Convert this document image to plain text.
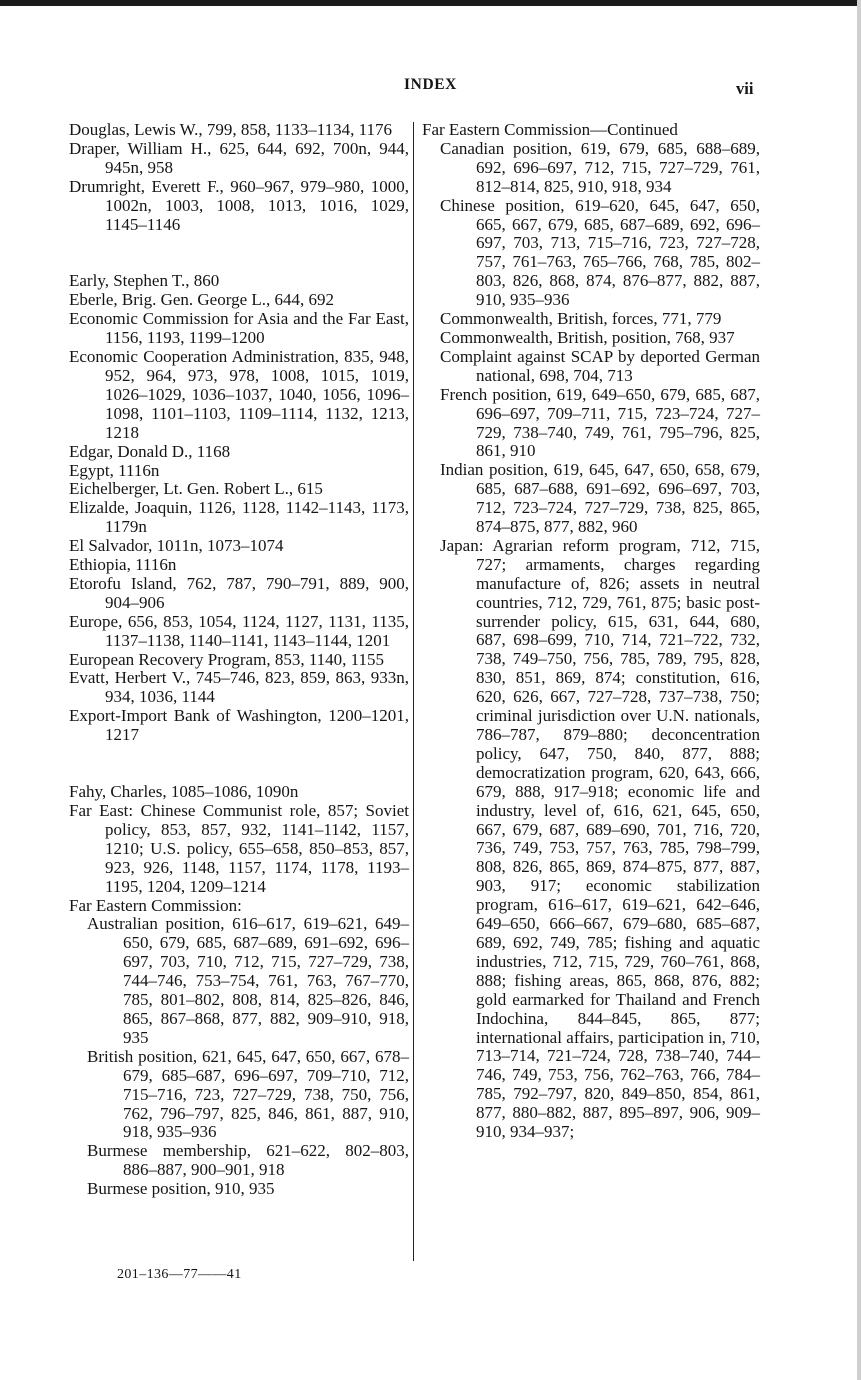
INDEX	vii

Douglas, Lewis W., 799, 858, 1133–1134, 1176

Draper, William H., 625, 644, 692, 700n, 944, 945n, 958

Drumright, Everett F., 960–967, 979–980, 1000, 1002n, 1003, 1008, 1013, 1016, 1029, 1145–1146

Early, Stephen T., 860

Eberle, Brig. Gen. George L., 644, 692

Economic Commission for Asia and the Far East, 1156, 1193, 1199–1200

Economic Cooperation Administration, 835, 948, 952, 964, 973, 978, 1008, 1015, 1019, 1026–1029, 1036–1037, 1040, 1056, 1096–1098, 1101–1103, 1109–1114, 1132, 1213, 1218

Edgar, Donald D., 1168

Egypt, 1116n

Eichelberger, Lt. Gen. Robert L., 615

Elizalde, Joaquin, 1126, 1128, 1142–1143, 1173, 1179n

El Salvador, 1011n, 1073–1074

Ethiopia, 1116n

Etorofu Island, 762, 787, 790–791, 889, 900, 904–906

Europe, 656, 853, 1054, 1124, 1127, 1131, 1135, 1137–1138, 1140–1141, 1143–1144, 1201

European Recovery Program, 853, 1140, 1155

Evatt, Herbert V., 745–746, 823, 859, 863, 933n, 934, 1036, 1144

Export-Import Bank of Washington, 1200–1201, 1217

Fahy, Charles, 1085–1086, 1090n

Far East: Chinese Communist role, 857; Soviet policy, 853, 857, 932, 1141–1142, 1157, 1210; U.S. policy, 655–658, 850–853, 857, 923, 926, 1148, 1157, 1174, 1178, 1193–1195, 1204, 1209–1214

Far Eastern Commission:

Australian position, 616–617, 619–621, 649–650, 679, 685, 687–689, 691–692, 696–697, 703, 710, 712, 715, 727–729, 738, 744–746, 753–754, 761, 763, 767–770, 785, 801–802, 808, 814, 825–826, 846, 865, 867–868, 877, 882, 909–910, 918, 935

British position, 621, 645, 647, 650, 667, 678–679, 685–687, 696–697, 709–710, 712, 715–716, 723, 727–729, 738, 750, 756, 762, 796–797, 825, 846, 861, 887, 910, 918, 935–936

Burmese membership, 621–622, 802–803, 886–887, 900–901, 918

Burmese position, 910, 935

Far Eastern Commission—Continued

Canadian position, 619, 679, 685, 688–689, 692, 696–697, 712, 715, 727–729, 761, 812–814, 825, 910, 918, 934

Chinese position, 619–620, 645, 647, 650, 665, 667, 679, 685, 687–689, 692, 696–697, 703, 713, 715–716, 723, 727–728, 757, 761–763, 765–766, 768, 785, 802–803, 826, 868, 874, 876–877, 882, 887, 910, 935–936

Commonwealth, British, forces, 771, 779

Commonwealth, British, position, 768, 937

Complaint against SCAP by deported German national, 698, 704, 713

French position, 619, 649–650, 679, 685, 687, 696–697, 709–711, 715, 723–724, 727–729, 738–740, 749, 761, 795–796, 825, 861, 910

Indian position, 619, 645, 647, 650, 658, 679, 685, 687–688, 691–692, 696–697, 703, 712, 723–724, 727–729, 738, 825, 865, 874–875, 877, 882, 960

Japan: Agrarian reform program, 712, 715, 727; armaments, charges regarding manufacture of, 826; assets in neutral countries, 712, 729, 761, 875; basic post-surrender policy, 615, 631, 644, 680, 687, 698–699, 710, 714, 721–722, 732, 738, 749–750, 756, 785, 789, 795, 828, 830, 851, 869, 874; constitution, 616, 620, 626, 667, 727–728, 737–738, 750; criminal jurisdiction over U.N. nationals, 786–787, 879–880; deconcentration policy, 647, 750, 840, 877, 888; democratization program, 620, 643, 666, 679, 888, 917–918; economic life and industry, level of, 616, 621, 645, 650, 667, 679, 687, 689–690, 701, 716, 720, 736, 749, 753, 757, 763, 785, 798–799, 808, 826, 865, 869, 874–875, 877, 887, 903, 917; economic stabilization program, 616–617, 619–621, 642–646, 649–650, 666–667, 679–680, 685–687, 689, 692, 749, 785; fishing and aquatic industries, 712, 715, 729, 760–761, 868, 888; fishing areas, 865, 868, 876, 882; gold earmarked for Thailand and French Indochina, 844–845, 865, 877; international affairs, participation in, 710, 713–714, 721–724, 728, 738–740, 744–746, 749, 753, 756, 762–763, 766, 784–785, 792–797, 820, 849–850, 854, 861, 877, 880–882, 887, 895–897, 906, 909–910, 934–937;

201–136—77——41
